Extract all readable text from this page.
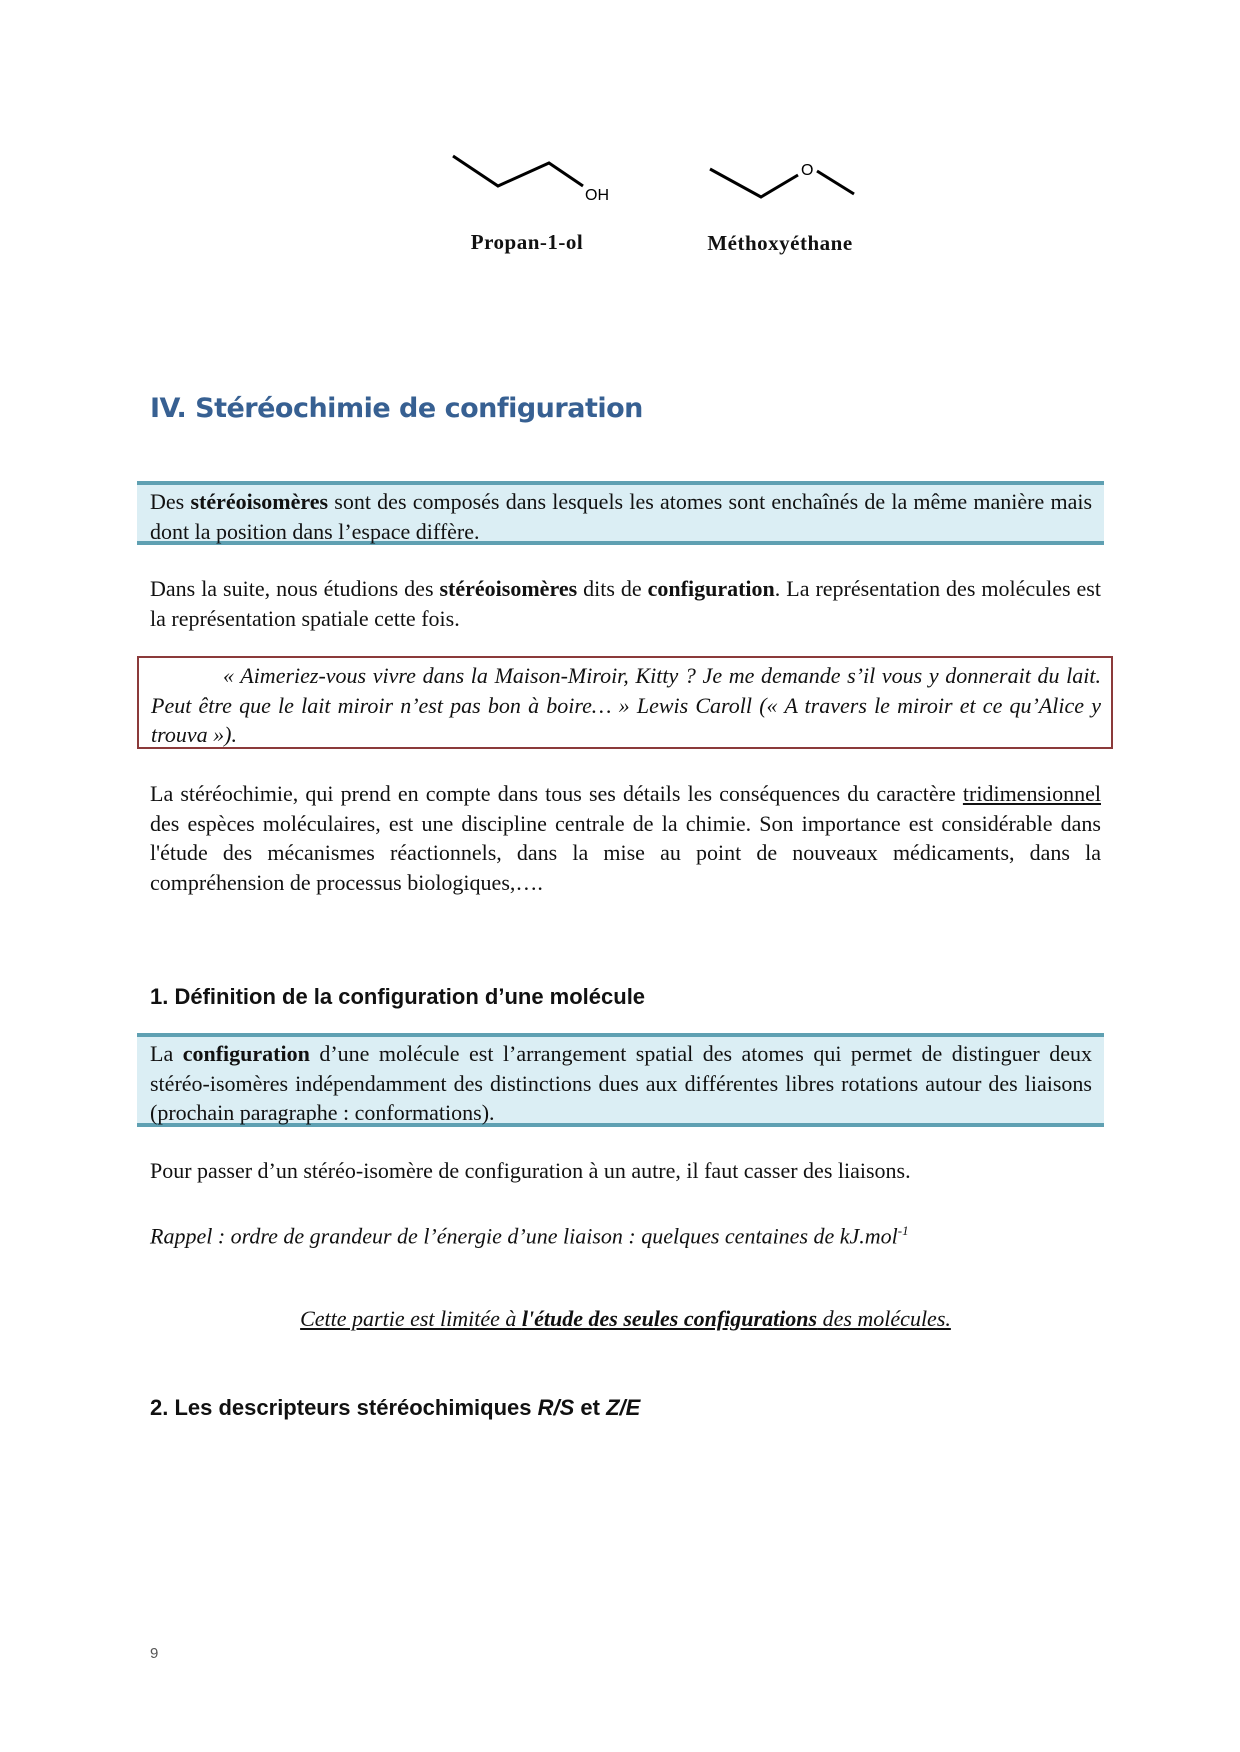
OH
O
Propan-1-ol	Méthoxyéthane
IV. Stéréochimie de configuration
Des stéréoisomères sont des composés dans lesquels les atomes sont enchaînés de la même manière mais dont la position dans l’espace diffère.
Dans la suite, nous étudions des stéréoisomères dits de configuration. La représentation des molécules est la représentation spatiale cette fois.
« Aimeriez-vous vivre dans la Maison-Miroir, Kitty ? Je me demande s’il vous y donnerait du lait. Peut être que le lait miroir n’est pas bon à boire… » Lewis Caroll (« A travers le miroir et ce qu’Alice y trouva »).
La stéréochimie, qui prend en compte dans tous ses détails les conséquences du caractère tridimensionnel des espèces moléculaires, est une discipline centrale de la chimie. Son importance est considérable dans l'étude des mécanismes réactionnels, dans la mise au point de nouveaux médicaments, dans la compréhension de processus biologiques,….
1. Définition de la configuration d’une molécule
La configuration d’une molécule est l’arrangement spatial des atomes qui permet de distinguer deux stéréo-isomères indépendamment des distinctions dues aux différentes libres rotations autour des liaisons (prochain paragraphe : conformations).
Pour passer d’un stéréo-isomère de configuration à un autre, il faut casser des liaisons.
Rappel : ordre de grandeur de l’énergie d’une liaison : quelques centaines de kJ.mol$^{-1}$
Cette partie est limitée à l'étude des seules configurations des molécules.
2. Les descripteurs stéréochimiques R/S et Z/E
9
